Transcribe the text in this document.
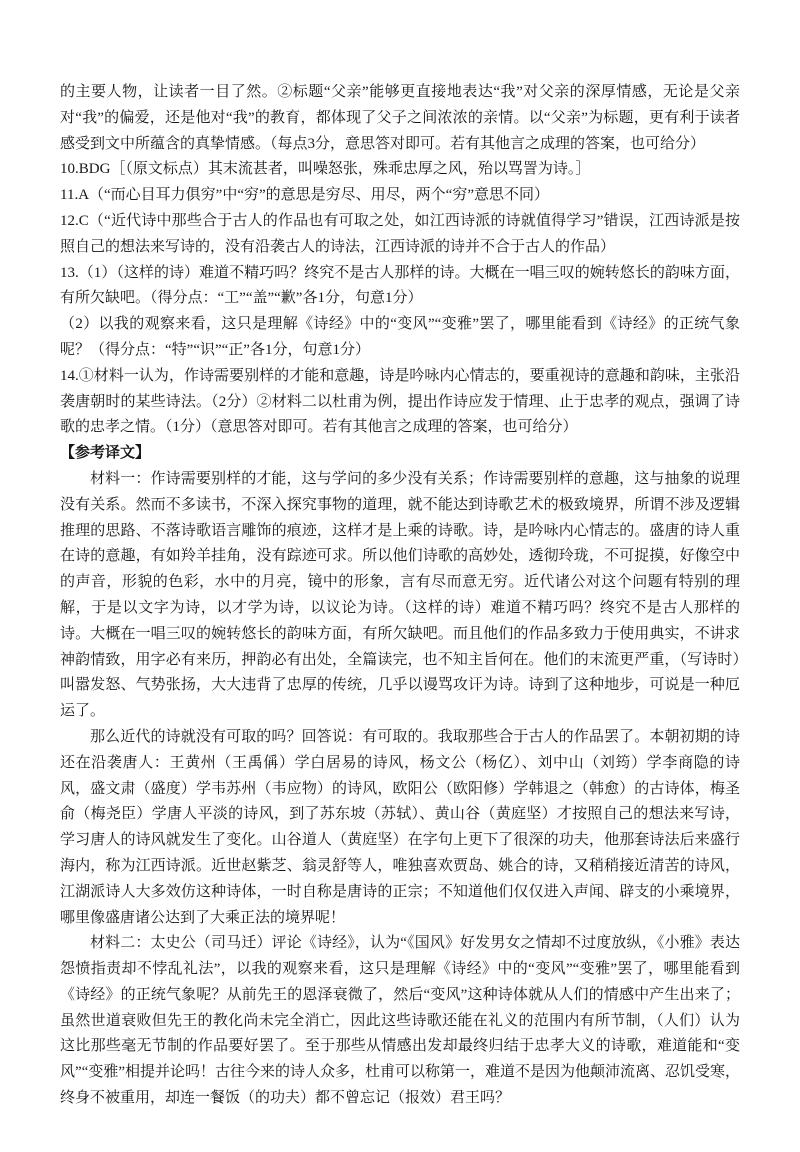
的主要人物，让读者一目了然。②标题“父亲”能够更直接地表达“我”对父亲的深厚情感，无论是父亲对“我”的偏爱，还是他对“我”的教育，都体现了父子之间浓浓的亲情。以“父亲”为标题，更有利于读者感受到文中所蕴含的真挚情感。（每点3分，意思答对即可。若有其他言之成理的答案，也可给分）

10.BDG［（原文标点）其末流甚者，叫噪怒张，殊乖忠厚之风，殆以骂詈为诗。］

11.A（“而心目耳力俱穷”中“穷”的意思是穷尽、用尽，两个“穷”意思不同）

12.C（“近代诗中那些合于古人的作品也有可取之处，如江西诗派的诗就值得学习”错误，江西诗派是按照自己的想法来写诗的，没有沿袭古人的诗法，江西诗派的诗并不合于古人的作品）

13.（1）（这样的诗）难道不精巧吗？终究不是古人那样的诗。大概在一唱三叹的婉转悠长的韵味方面，有所欠缺吧。（得分点：“工”“盖”“歉”各1分，句意1分）

（2）以我的观察来看，这只是理解《诗经》中的“变风”“变雅”罢了，哪里能看到《诗经》的正统气象呢？（得分点：“特”“识”“正”各1分，句意1分）

14.①材料一认为，作诗需要别样的才能和意趣，诗是吟咏内心情志的，要重视诗的意趣和韵味，主张沿袭唐朝时的某些诗法。（2分）②材料二以杜甫为例，提出作诗应发于情理、止于忠孝的观点，强调了诗歌的忠孝之情。（1分）（意思答对即可。若有其他言之成理的答案，也可给分）

【参考译文】

材料一：作诗需要别样的才能，这与学问的多少没有关系；作诗需要别样的意趣，这与抽象的说理没有关系。然而不多读书，不深入探究事物的道理，就不能达到诗歌艺术的极致境界，所谓不涉及逻辑推理的思路、不落诗歌语言雕饰的痕迹，这样才是上乘的诗歌。诗，是吟咏内心情志的。盛唐的诗人重在诗的意趣，有如羚羊挂角，没有踪迹可求。所以他们诗歌的高妙处，透彻玲珑，不可捉摸，好像空中的声音，形貌的色彩，水中的月亮，镜中的形象，言有尽而意无穷。近代诸公对这个问题有特别的理解，于是以文字为诗，以才学为诗，以议论为诗。（这样的诗）难道不精巧吗？终究不是古人那样的诗。大概在一唱三叹的婉转悠长的韵味方面，有所欠缺吧。而且他们的作品多致力于使用典实，不讲求神韵情致，用字必有来历，押韵必有出处，全篇读完，也不知主旨何在。他们的末流更严重，（写诗时）叫嚣发怒、气势张扬，大大违背了忠厚的传统，几乎以谩骂攻讦为诗。诗到了这种地步，可说是一种厄运了。

那么近代的诗就没有可取的吗？回答说：有可取的。我取那些合于古人的作品罢了。本朝初期的诗还在沿袭唐人：王黄州（王禹偁）学白居易的诗风，杨文公（杨亿）、刘中山（刘筠）学李商隐的诗风，盛文肃（盛度）学韦苏州（韦应物）的诗风，欧阳公（欧阳修）学韩退之（韩愈）的古诗体，梅圣俞（梅尧臣）学唐人平淡的诗风，到了苏东坡（苏轼）、黄山谷（黄庭坚）才按照自己的想法来写诗，学习唐人的诗风就发生了变化。山谷道人（黄庭坚）在字句上更下了很深的功夫，他那套诗法后来盛行海内，称为江西诗派。近世赵紫芝、翁灵舒等人，唯独喜欢贾岛、姚合的诗，又稍稍接近清苦的诗风，江湖派诗人大多效仿这种诗体，一时自称是唐诗的正宗；不知道他们仅仅进入声闻、辟支的小乘境界，哪里像盛唐诸公达到了大乘正法的境界呢！

材料二：太史公（司马迁）评论《诗经》，认为“《国风》好发男女之情却不过度放纵，《小雅》表达怨愤指责却不悖乱礼法”，以我的观察来看，这只是理解《诗经》中的“变风”“变雅”罢了，哪里能看到《诗经》的正统气象呢？从前先王的恩泽衰微了，然后“变风”这种诗体就从人们的情感中产生出来了；虽然世道衰败但先王的教化尚未完全消亡，因此这些诗歌还能在礼义的范围内有所节制，（人们）认为这比那些毫无节制的作品要好罢了。至于那些从情感出发却最终归结于忠孝大义的诗歌，难道能和“变风”“变雅”相提并论吗！古往今来的诗人众多，杜甫可以称第一，难道不是因为他颠沛流离、忍饥受寒，终身不被重用，却连一餐饭（的功夫）都不曾忘记（报效）君王吗？
